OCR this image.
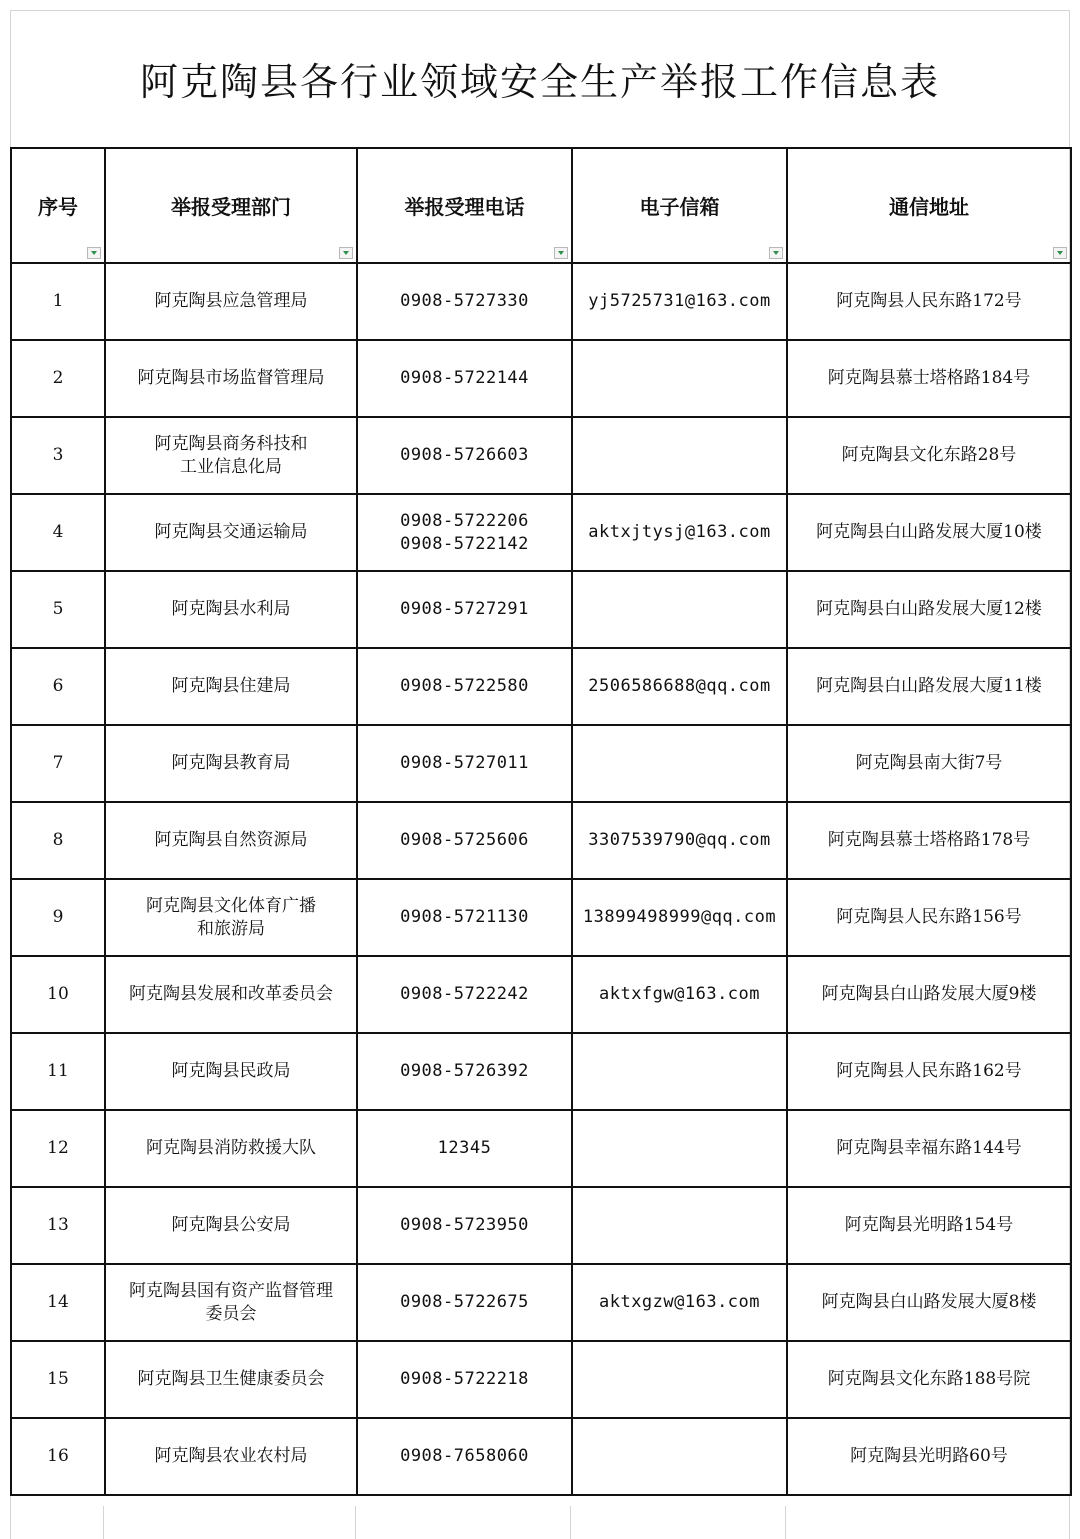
阿克陶县各行业领域安全生产举报工作信息表
序号	举报受理部门	举报受理电话	电子信箱	通信地址

1	阿克陶县应急管理局	0908-5727330	yj5725731@163.com	阿克陶县人民东路172号
2	阿克陶县市场监督管理局	0908-5722144		阿克陶县慕士塔格路184号
3	阿克陶县商务科技和
工业信息化局	0908-5726603		阿克陶县文化东路28号
4	阿克陶县交通运输局	0908-5722206
0908-5722142	aktxjtysj@163.com	阿克陶县白山路发展大厦10楼
5	阿克陶县水利局	0908-5727291		阿克陶县白山路发展大厦12楼
6	阿克陶县住建局	0908-5722580	2506586688@qq.com	阿克陶县白山路发展大厦11楼
7	阿克陶县教育局	0908-5727011		阿克陶县南大街7号
8	阿克陶县自然资源局	0908-5725606	3307539790@qq.com	阿克陶县慕士塔格路178号
9	阿克陶县文化体育广播
和旅游局	0908-5721130	13899498999@qq.com	阿克陶县人民东路156号
10	阿克陶县发展和改革委员会	0908-5722242	aktxfgw@163.com	阿克陶县白山路发展大厦9楼
11	阿克陶县民政局	0908-5726392		阿克陶县人民东路162号
12	阿克陶县消防救援大队	12345		阿克陶县幸福东路144号
13	阿克陶县公安局	0908-5723950		阿克陶县光明路154号
14	阿克陶县国有资产监督管理
委员会	0908-5722675	aktxgzw@163.com	阿克陶县白山路发展大厦8楼
15	阿克陶县卫生健康委员会	0908-5722218		阿克陶县文化东路188号院
16	阿克陶县农业农村局	0908-7658060		阿克陶县光明路60号
